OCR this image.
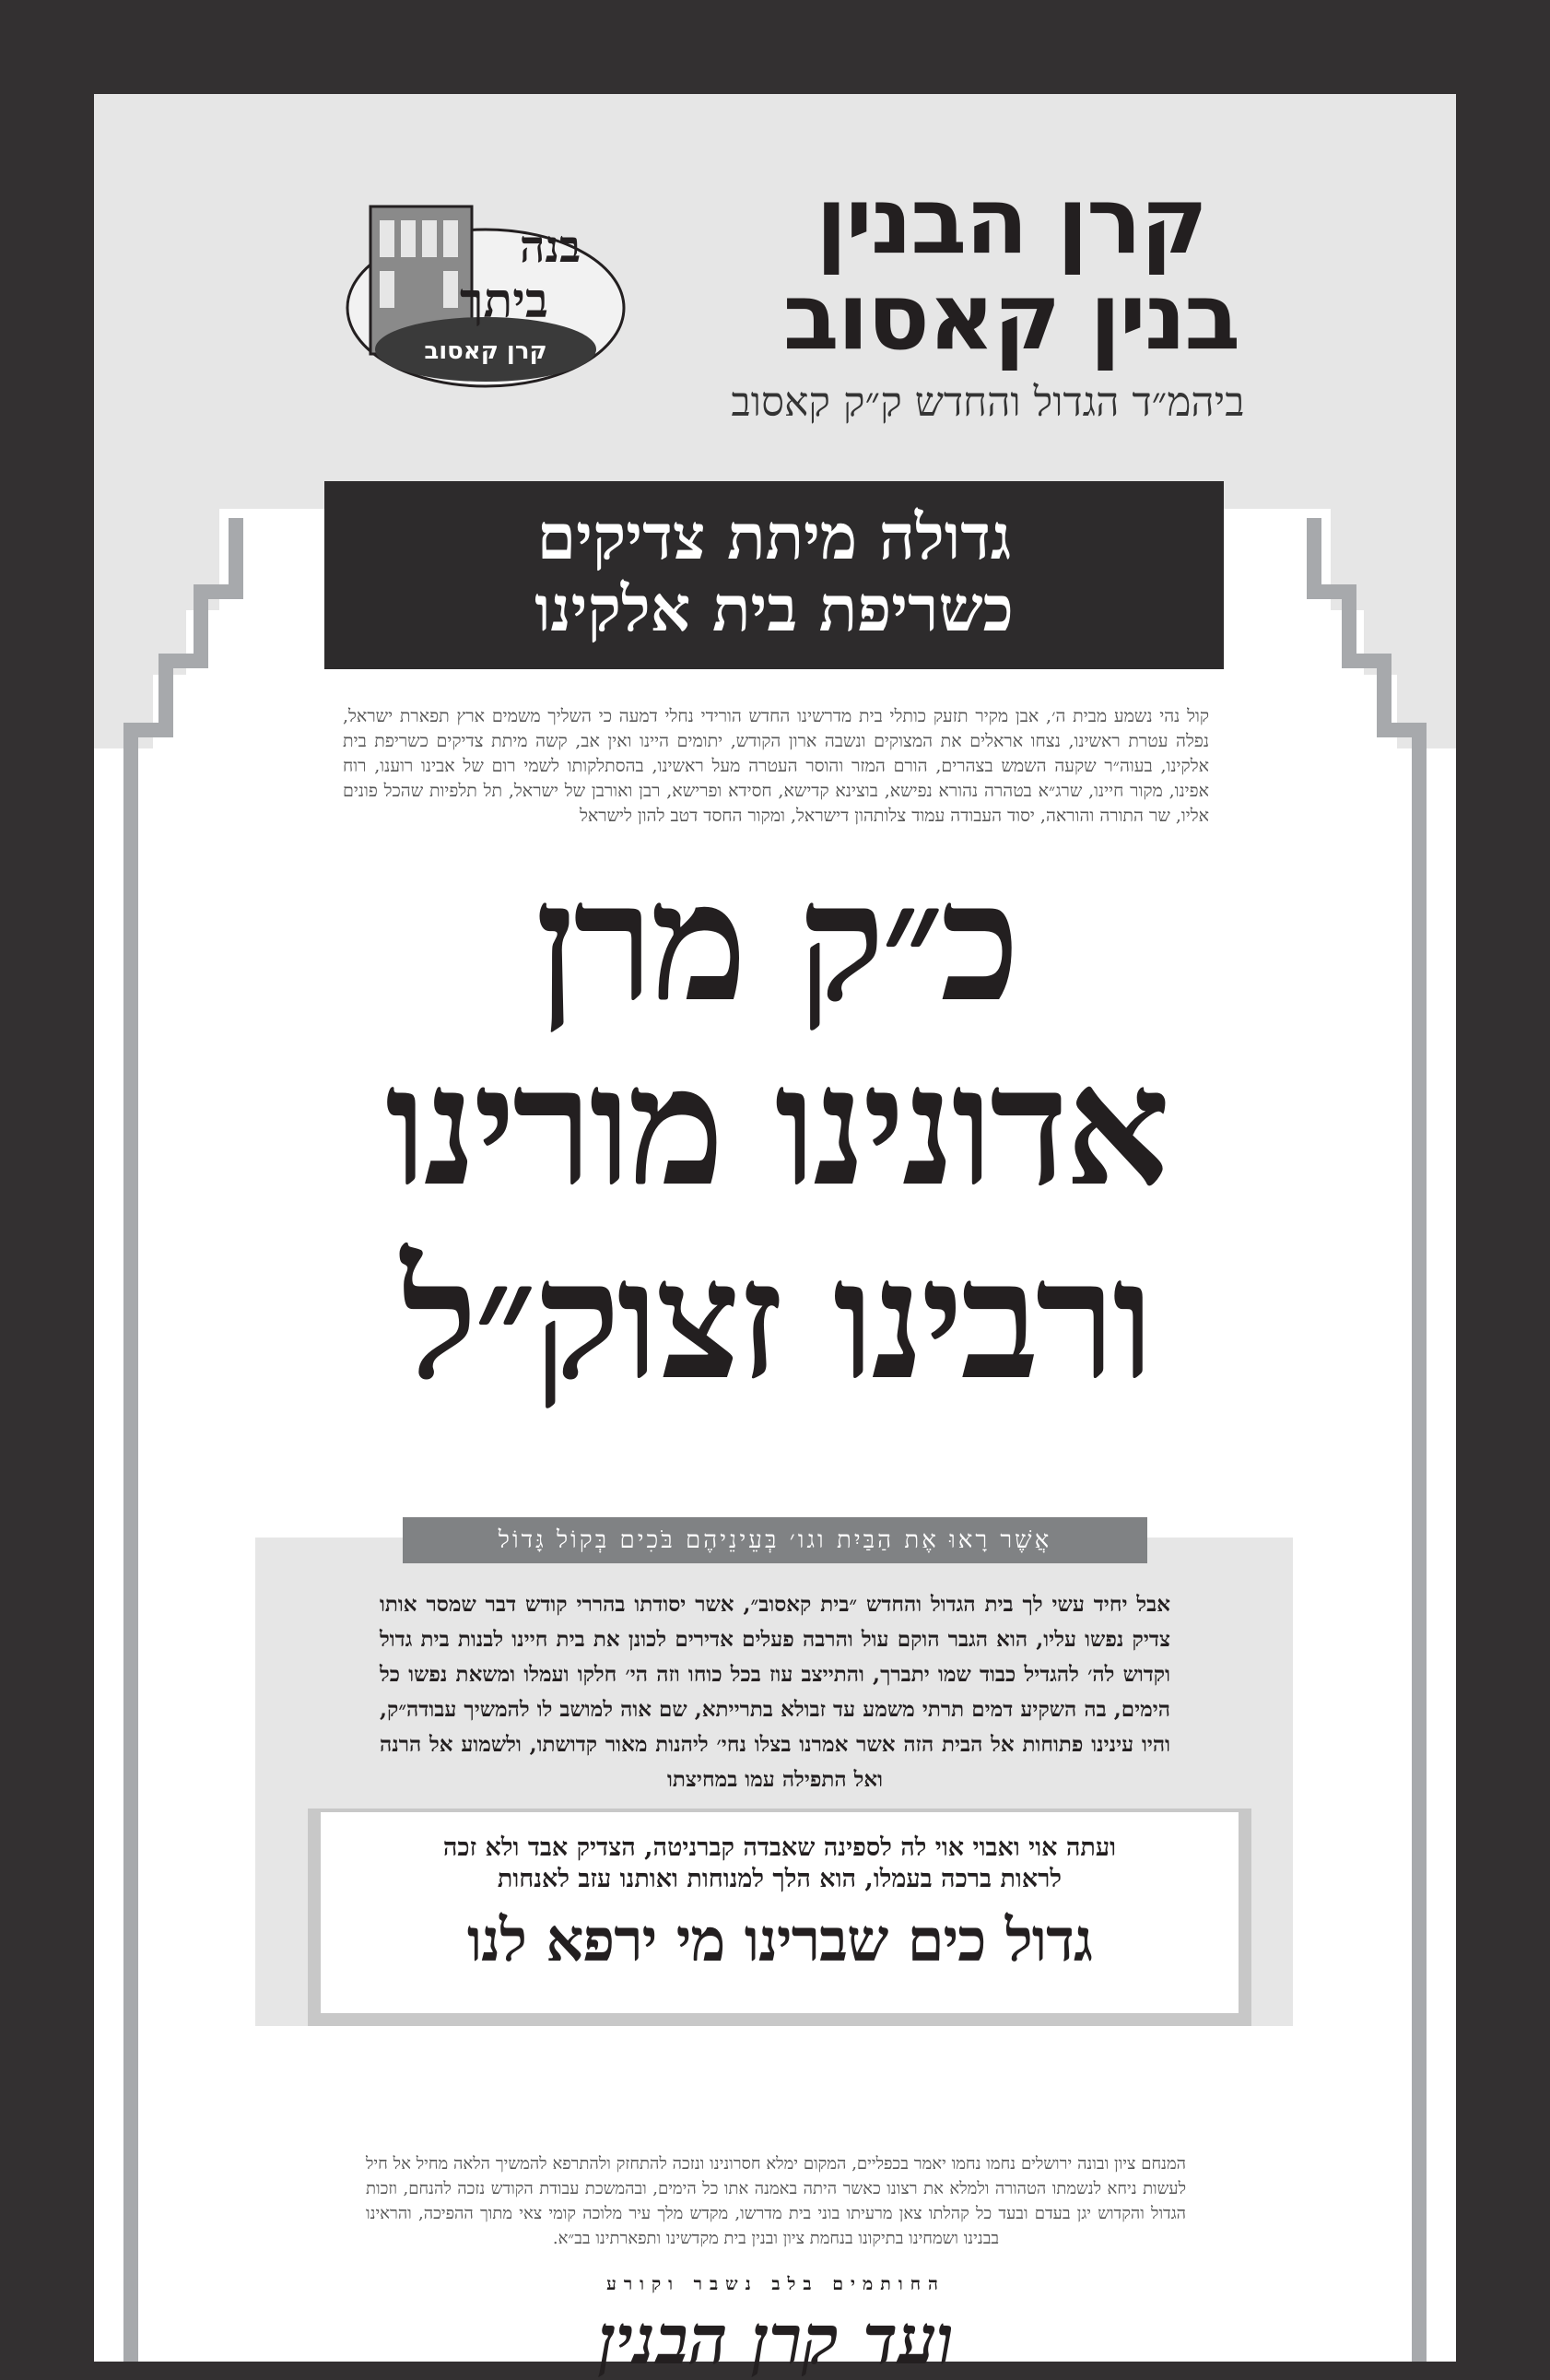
בנה
ביתך
קרן קאסוב
קרן הבנין
בנין קאסוב
ביהמ״ד הגדול והחדש ק״ק קאסוב
גדולה מיתת צדיקים
כשריפת בית אלקינו
קול נהי נשמע מבית ה׳, אבן מקיר תזעק כותלי בית מדרשינו החדש הורידי נחלי דמעה כי השליך משמים ארץ תפארת ישראל, נפלה עטרת ראשינו, נצחו אראלים את המצוקים ונשבה ארון הקודש, יתומים היינו ואין אב, קשה מיתת צדיקים כשריפת בית אלקינו, בעוה״ר שקעה השמש בצהרים, הורם המזר והוסר העטרה מעל ראשינו, בהסתלקותו לשמי רום של אבינו רוענו, רוח אפינו, מקור חיינו, שרג״א בטהרה נהורא נפישא, בוצינא קדישא, חסידא ופרישא, רבן ואורבן של ישראל, תל תלפיות שהכל פונים אליו, שר התורה והוראה, יסוד העבודה עמוד צלותהון דישראל, ומקור החסד דטב להון לישראל
כ״ק מרן
אדונינו מורינו
ורבינו זצוק״ל
אֲשֶׁר רָאוּ אֶת הַבַּיִת וגו׳ בְּעֵינֵיהֶם בֹּכִים בְּקוֹל גָּדוֹל
אבל יחיד עשי לך בית הגדול והחדש ״בית קאסוב״, אשר יסודתו בהררי קודש דבר שמסר אותו צדיק נפשו עליו, הוא הגבר הוקם עול והרבה פעלים אדירים לכונן את בית חיינו לבנות בית גדול וקדוש לה׳ להגדיל כבוד שמו יתברך, והתייצב עוז בכל כוחו וזה הי׳ חלקו ועמלו ומשאת נפשו כל הימים, בה השקיע דמים תרתי משמע עד זבולא בתרייתא, שם אוה למושב לו להמשיך עבודה״ק, והיו עינינו פתוחות אל הבית הזה אשר אמרנו בצלו נחי׳ ליהנות מאור קדושתו, ולשמוע אל הרנה ואל התפילה עמו במחיצתו
ועתה אוי ואבוי אוי לה לספינה שאבדה קברניטה, הצדיק אבד ולא זכה
לראות ברכה בעמלו, הוא הלך למנוחות ואותנו עזב לאנחות
גדול כים שברינו מי ירפא לנו
המנחם ציון ובונה ירושלים נחמו נחמו יאמר בכפליים, המקום ימלא חסרונינו ונזכה להתחזק ולהתרפא להמשיך הלאה מחיל אל חיל לעשות ניחא לנשמתו הטהורה ולמלא את רצונו כאשר היתה באמנה אתו כל הימים, ובהמשכת עבודת הקודש נזכה להנחם, וזכות הגדול והקדוש יגן בעדם ובעד כל קהלתו צאן מרעיתו בוני בית מדרשו, מקדש מלך עיר מלוכה קומי צאי מתוך ההפיכה, והראינו בבנינו ושמחינו בתיקונו בנחמת ציון ובנין בית מקדשינו ותפארתינו בב״א.
החותמים בלב נשבר וקורע
ועד קרן הבנין
